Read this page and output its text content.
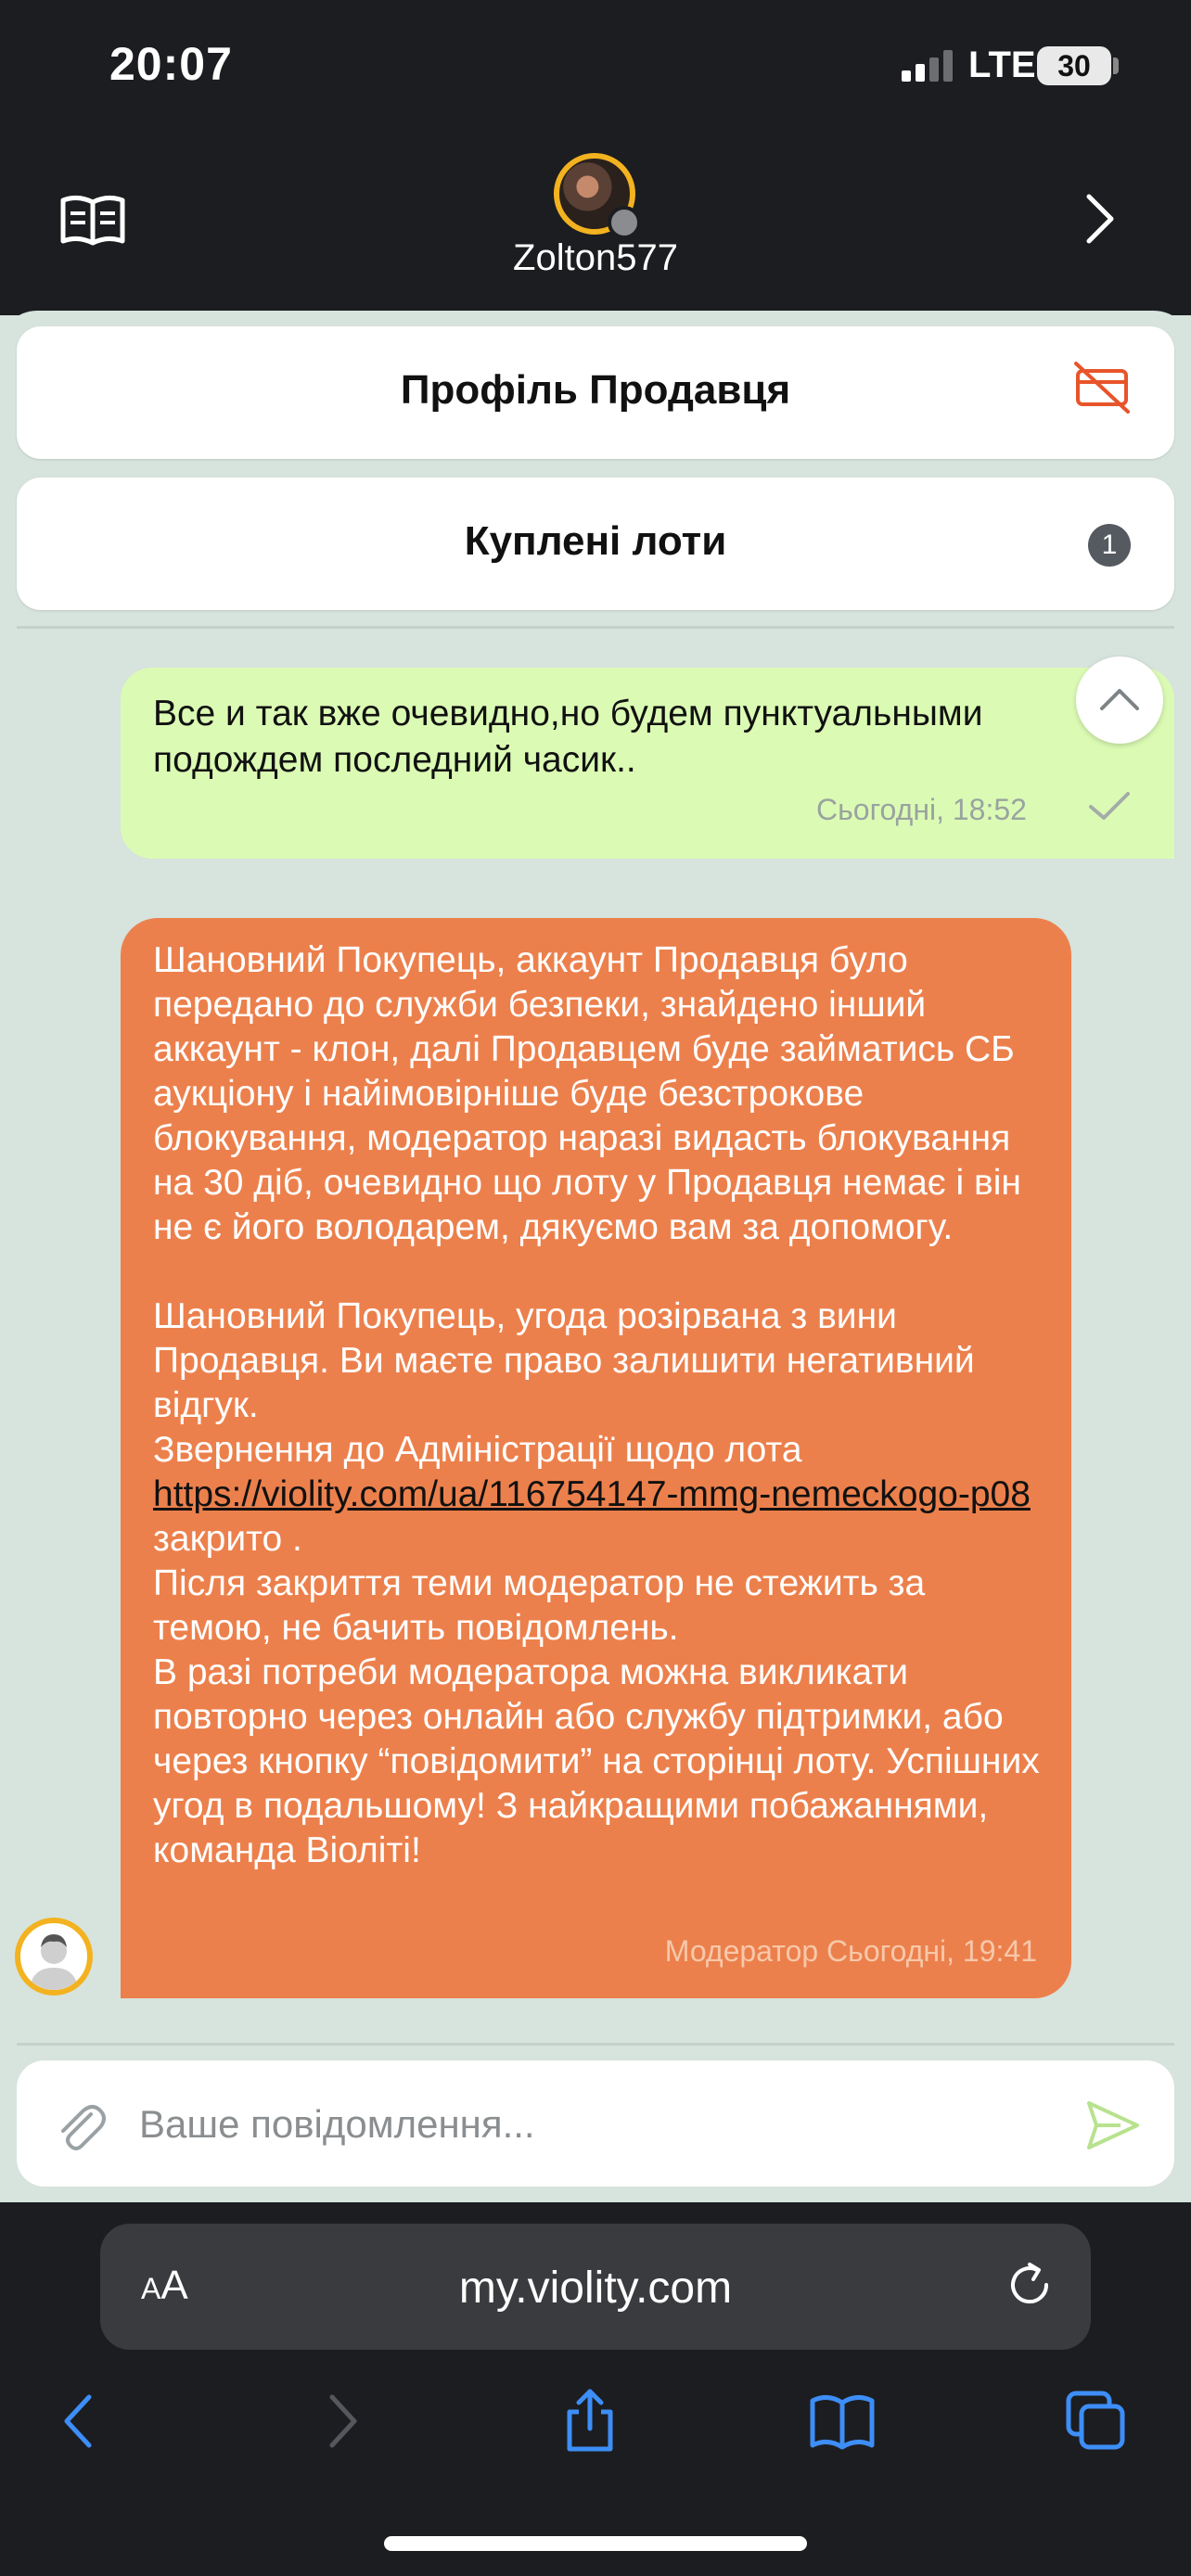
20:07	LTE 30
Zolton577
Профіль Продавця
Куплені лоти	1
Все и так вже очевидно,но будем пунктуальными подождем последний часик..
Сьогодні, 18:52

Шановний Покупець, аккаунт Продавця було передано до служби безпеки, знайдено інший аккаунт - клон, далі Продавцем буде займатись СБ аукціону і найімовірніше буде безстрокове блокування, модератор наразі видасть блокування на 30 діб, очевидно що лоту у Продавця немає і він не є його володарем, дякуємо вам за допомогу.

Шановний Покупець, угода розірвана з вини Продавця. Ви маєте право залишити негативний відгук.

Звернення до Адміністрації щодо лота https://violity.com/ua/116754147-mmg-nemeckogo-p08 закрито .

Після закриття теми модератор не стежить за темою, не бачить повідомлень.

В разі потреби модератора можна викликати повторно через онлайн або службу підтримки, або через кнопку “повідомити” на сторінці лоту. Успішних угод в подальшому! З найкращими побажаннями, команда Віоліті!

Модератор Сьогодні, 19:41
Ваше повідомлення...
AA	my.violity.com
